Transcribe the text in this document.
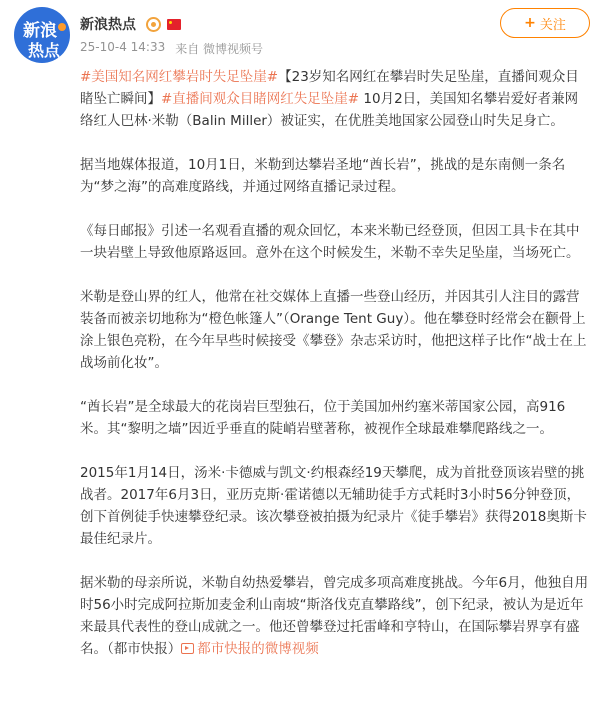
新浪
热点
新浪热点
25-10-4 14:33 来自 微博视频号
+ 关注

#美国知名网红攀岩时失足坠崖#【23岁知名网红在攀岩时失足坠崖，直播间观众目睹坠亡瞬间】#直播间观众目睹网红失足坠崖# 10月2日，美国知名攀岩爱好者兼网络红人巴林·米勒（Balin Miller）被证实，在优胜美地国家公园登山时失足身亡。

据当地媒体报道，10月1日，米勒到达攀岩圣地“酋长岩”，挑战的是东南侧一条名为“梦之海”的高难度路线，并通过网络直播记录过程。

《每日邮报》引述一名观看直播的观众回忆，本来米勒已经登顶，但因工具卡在其中一块岩壁上导致他原路返回。意外在这个时候发生，米勒不幸失足坠崖，当场死亡。

米勒是登山界的红人，他常在社交媒体上直播一些登山经历，并因其引人注目的露营装备而被亲切地称为“橙色帐篷人”（Orange Tent Guy）。他在攀登时经常会在颧骨上涂上银色亮粉，在今年早些时候接受《攀登》杂志采访时，他把这样子比作“战士在上战场前化妆”。

“酋长岩”是全球最大的花岗岩巨型独石，位于美国加州约塞米蒂国家公园，高916米。其“黎明之墙”因近乎垂直的陡峭岩壁著称，被视作全球最难攀爬路线之一。

2015年1月14日，汤米·卡德威与凯文·约根森经19天攀爬，成为首批登顶该岩壁的挑战者。2017年6月3日，亚历克斯·霍诺德以无辅助徒手方式耗时3小时56分钟登顶，创下首例徒手快速攀登纪录。该次攀登被拍摄为纪录片《徒手攀岩》获得2018奥斯卡最佳纪录片。

据米勒的母亲所说，米勒自幼热爱攀岩，曾完成多项高难度挑战。今年6月，他独自用时56小时完成阿拉斯加麦金利山南坡“斯洛伐克直攀路线”，创下纪录，被认为是近年来最具代表性的登山成就之一。他还曾攀登过托雷峰和亨特山，在国际攀岩界享有盛名。（都市快报） 都市快报的微博视频
